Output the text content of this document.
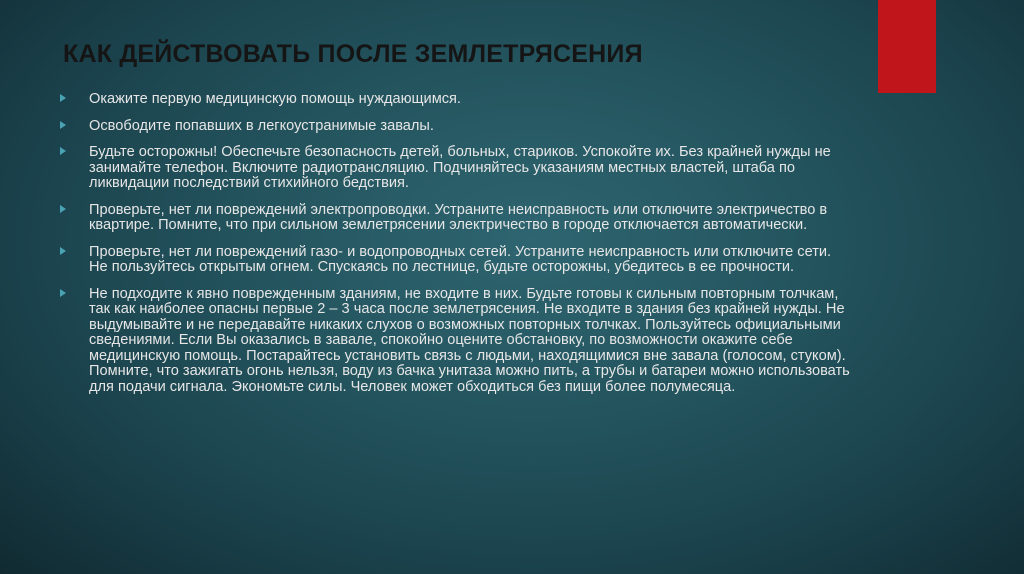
КАК ДЕЙСТВОВАТЬ ПОСЛЕ ЗЕМЛЕТРЯСЕНИЯ
Окажите первую медицинскую помощь нуждающимся.
Освободите попавших в легкоустранимые завалы.
Будьте осторожны! Обеспечьте безопасность детей, больных, стариков. Успокойте их. Без крайней нужды не занимайте телефон. Включите радиотрансляцию. Подчиняйтесь указаниям местных властей, штаба по ликвидации последствий стихийного бедствия.
Проверьте, нет ли повреждений электропроводки. Устраните неисправность или отключите электричество в квартире. Помните, что при сильном землетрясении электричество в городе отключается автоматически.
Проверьте, нет ли повреждений газо- и водопроводных сетей. Устраните неисправность или отключите сети. Не пользуйтесь открытым огнем. Спускаясь по лестнице, будьте осторожны, убедитесь в ее прочности.
Не подходите к явно поврежденным зданиям, не входите в них. Будьте готовы к сильным повторным толчкам, так как наиболее опасны первые 2 – 3 часа после землетрясения. Не входите в здания без крайней нужды. Не выдумывайте и не передавайте никаких слухов о возможных повторных толчках. Пользуйтесь официальными сведениями. Если Вы оказались в завале, спокойно оцените обстановку, по возможности окажите себе медицинскую помощь. Постарайтесь установить связь с людьми, находящимися вне завала (голосом, стуком). Помните, что зажигать огонь нельзя, воду из бачка унитаза можно пить, а трубы и батареи можно использовать для подачи сигнала. Экономьте силы. Человек может обходиться без пищи более полумесяца.
